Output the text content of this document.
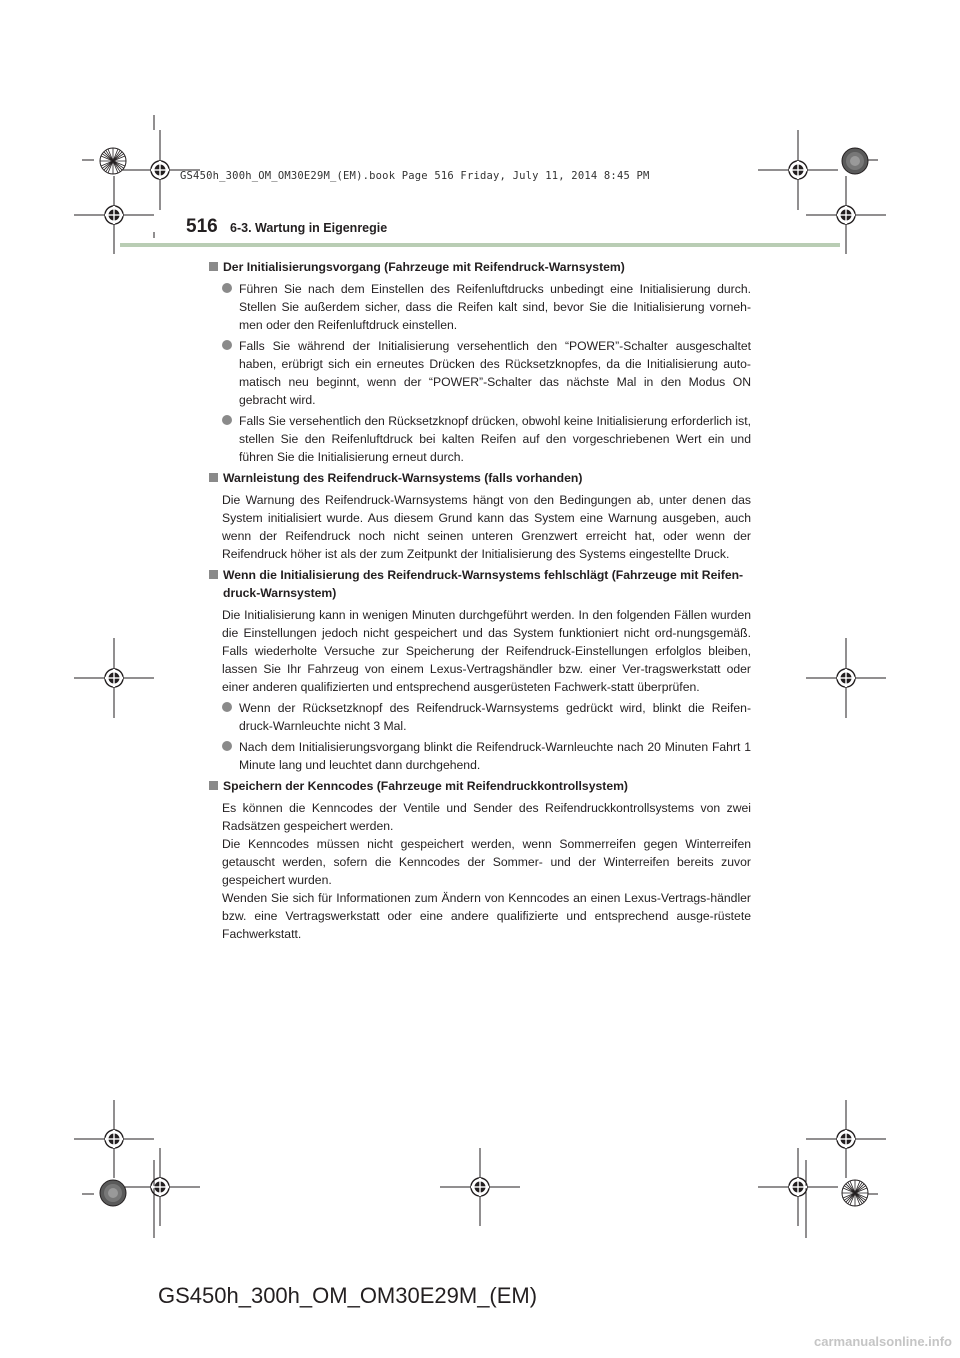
GS450h_300h_OM_OM30E29M_(EM).book Page 516 Friday, July 11, 2014 8:45 PM
516 6-3. Wartung in Eigenregie
Der Initialisierungsvorgang (Fahrzeuge mit Reifendruck-Warnsystem)
Führen Sie nach dem Einstellen des Reifenluftdrucks unbedingt eine Initialisierung durch. Stellen Sie außerdem sicher, dass die Reifen kalt sind, bevor Sie die Initialisierung vorneh-men oder den Reifenluftdruck einstellen.
Falls Sie während der Initialisierung versehentlich den “POWER”-Schalter ausgeschaltet haben, erübrigt sich ein erneutes Drücken des Rücksetzknopfes, da die Initialisierung auto-matisch neu beginnt, wenn der “POWER”-Schalter das nächste Mal in den Modus ON gebracht wird.
Falls Sie versehentlich den Rücksetzknopf drücken, obwohl keine Initialisierung erforderlich ist, stellen Sie den Reifenluftdruck bei kalten Reifen auf den vorgeschriebenen Wert ein und führen Sie die Initialisierung erneut durch.
Warnleistung des Reifendruck-Warnsystems (falls vorhanden)
Die Warnung des Reifendruck-Warnsystems hängt von den Bedingungen ab, unter denen das System initialisiert wurde. Aus diesem Grund kann das System eine Warnung ausgeben, auch wenn der Reifendruck noch nicht seinen unteren Grenzwert erreicht hat, oder wenn der Reifendruck höher ist als der zum Zeitpunkt der Initialisierung des Systems eingestellte Druck.
Wenn die Initialisierung des Reifendruck-Warnsystems fehlschlägt (Fahrzeuge mit Reifen-druck-Warnsystem)
Die Initialisierung kann in wenigen Minuten durchgeführt werden. In den folgenden Fällen wurden die Einstellungen jedoch nicht gespeichert und das System funktioniert nicht ord-nungsgemäß. Falls wiederholte Versuche zur Speicherung der Reifendruck-Einstellungen erfolglos bleiben, lassen Sie Ihr Fahrzeug von einem Lexus-Vertragshändler bzw. einer Ver-tragswerkstatt oder einer anderen qualifizierten und entsprechend ausgerüsteten Fachwerk-statt überprüfen.
Wenn der Rücksetzknopf des Reifendruck-Warnsystems gedrückt wird, blinkt die Reifen-druck-Warnleuchte nicht 3 Mal.
Nach dem Initialisierungsvorgang blinkt die Reifendruck-Warnleuchte nach 20 Minuten Fahrt 1 Minute lang und leuchtet dann durchgehend.
Speichern der Kenncodes (Fahrzeuge mit Reifendruckkontrollsystem)
Es können die Kenncodes der Ventile und Sender des Reifendruckkontrollsystems von zwei Radsätzen gespeichert werden.
Die Kenncodes müssen nicht gespeichert werden, wenn Sommerreifen gegen Winterreifen getauscht werden, sofern die Kenncodes der Sommer- und der Winterreifen bereits zuvor gespeichert wurden.
Wenden Sie sich für Informationen zum Ändern von Kenncodes an einen Lexus-Vertrags-händler bzw. eine Vertragswerkstatt oder eine andere qualifizierte und entsprechend ausge-rüstete Fachwerkstatt.
GS450h_300h_OM_OM30E29M_(EM)
carmanualsonline.info
